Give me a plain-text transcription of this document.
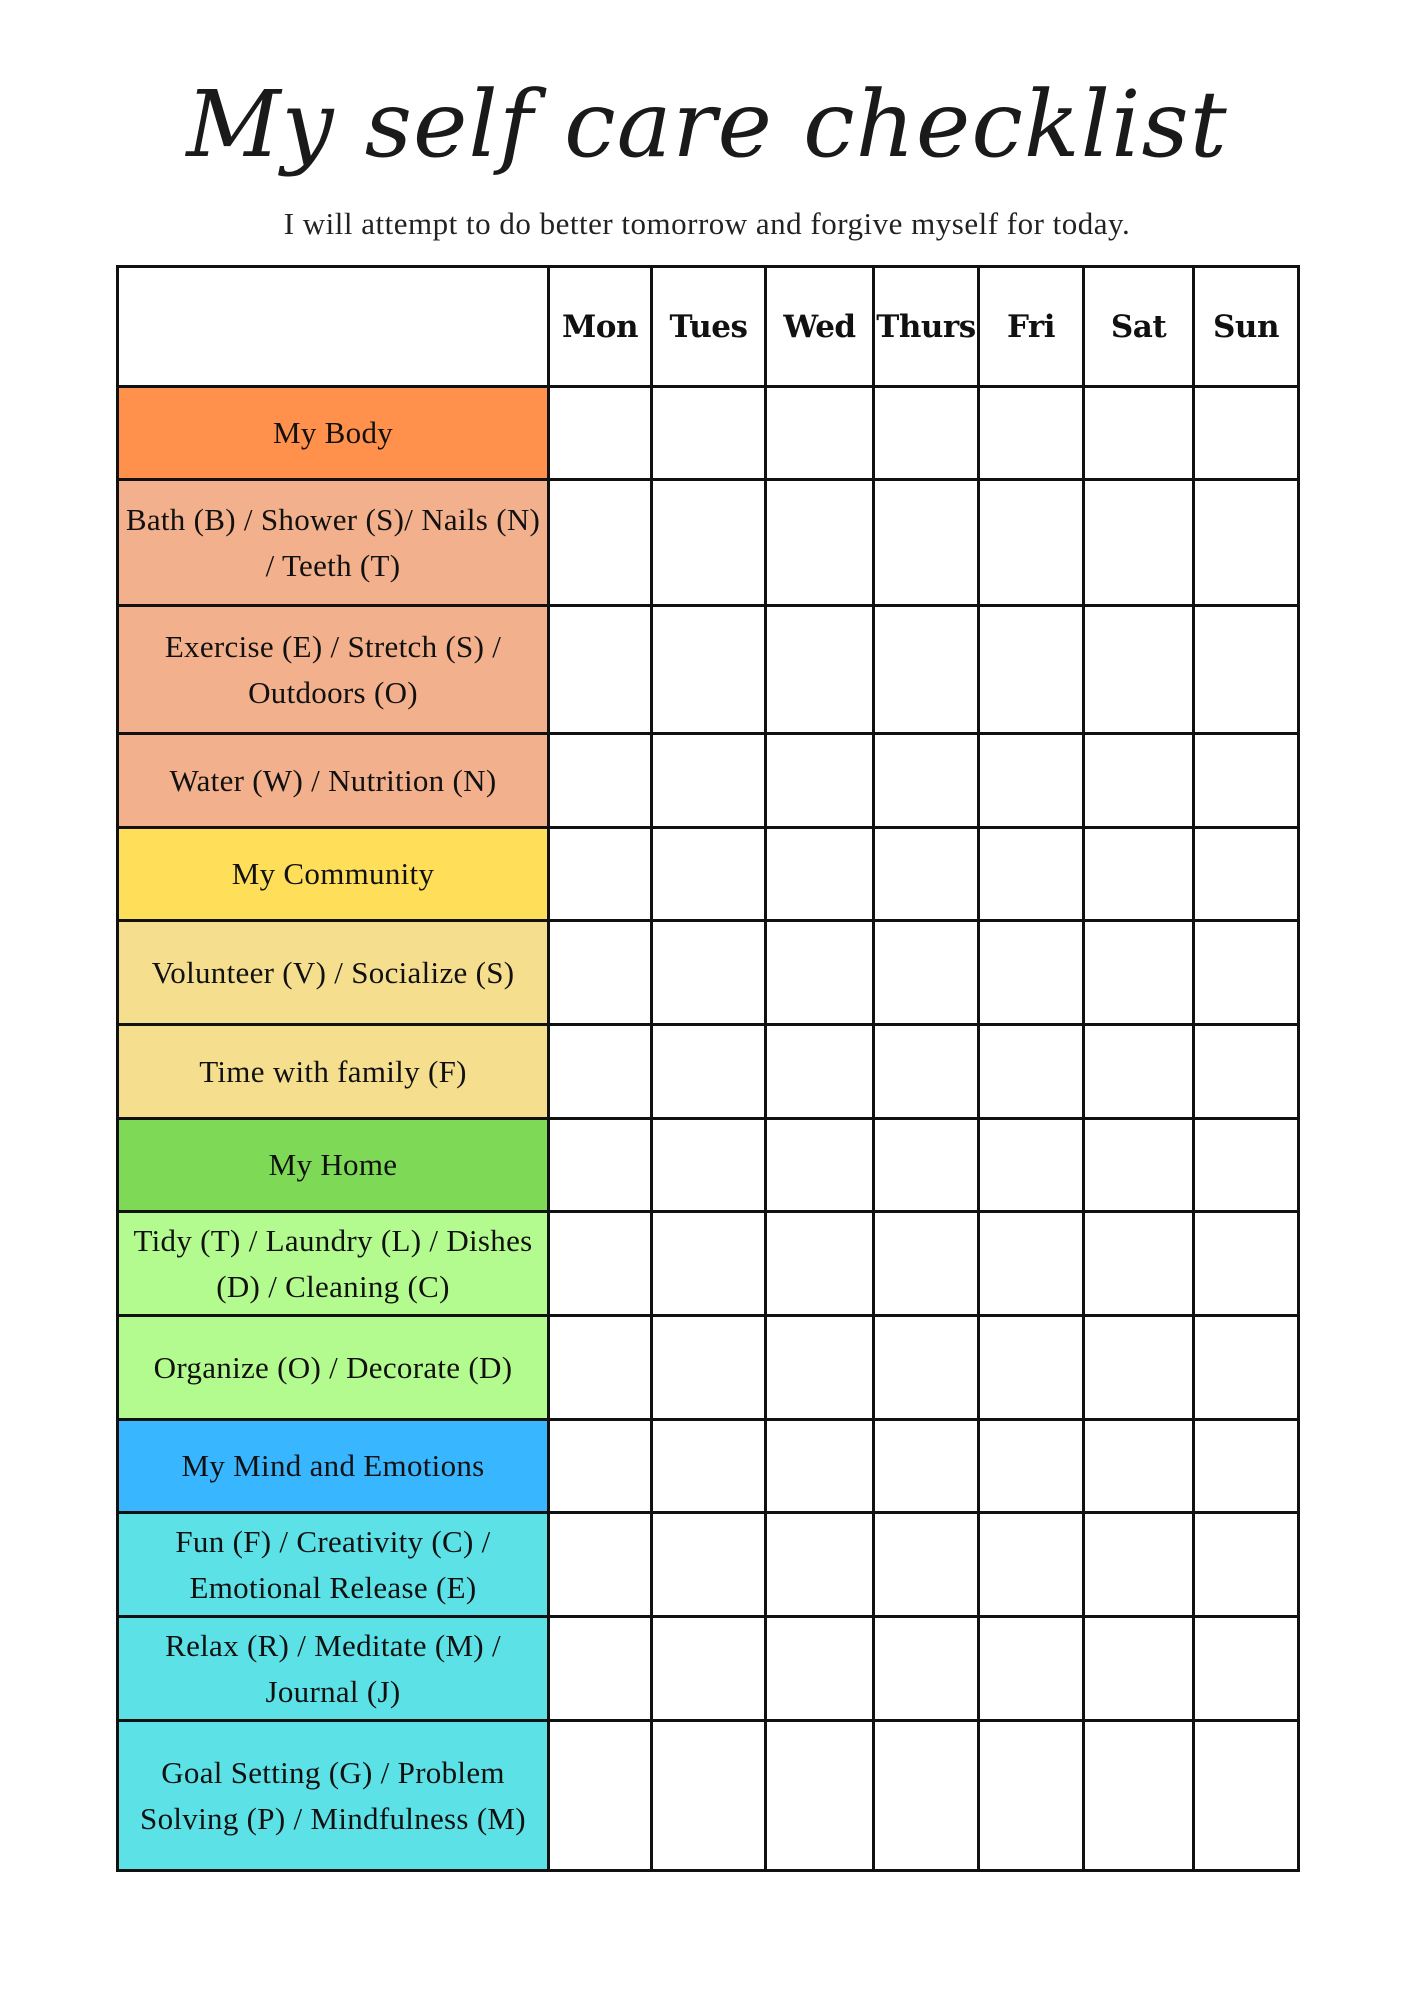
My self care checklist
I will attempt to do better tomorrow and forgive myself for today.
	Mon	Tues	Wed	Thurs	Fri	Sat	Sun
My Body							
Bath (B) / Shower (S)/ Nails (N) / Teeth (T)							
Exercise (E) / Stretch (S) / Outdoors (O)							
Water (W) / Nutrition (N)							
My Community							
Volunteer (V) / Socialize (S)							
Time with family (F)							
My Home							
Tidy (T) / Laundry (L) / Dishes (D) / Cleaning (C)							
Organize (O) / Decorate (D)							
My Mind and Emotions							
Fun (F) / Creativity (C) / Emotional Release (E)							
Relax (R) / Meditate (M) / Journal (J)							
Goal Setting (G) / Problem Solving (P) / Mindfulness (M)							
